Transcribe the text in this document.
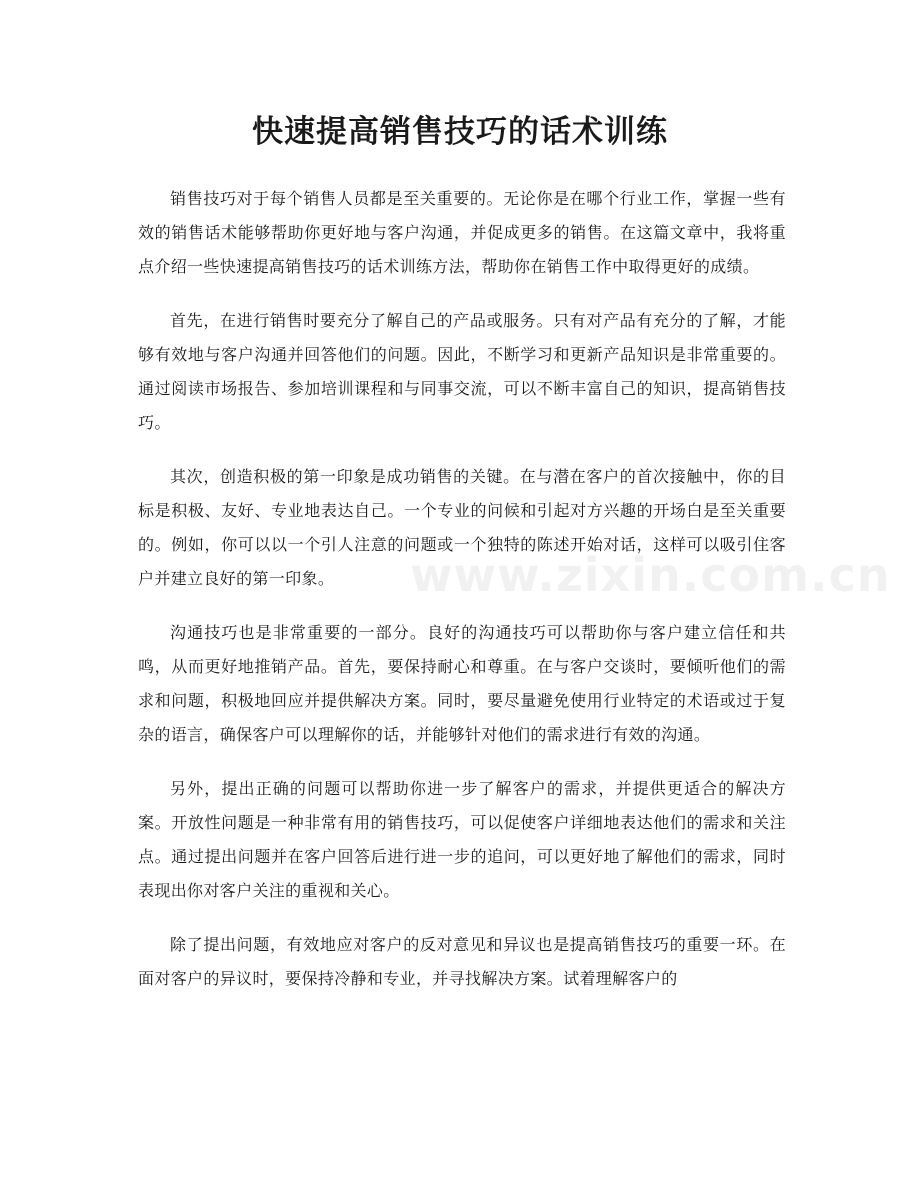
快速提高销售技巧的话术训练

销售技巧对于每个销售人员都是至关重要的。无论你是在哪个行业工作，掌握一些有效的销售话术能够帮助你更好地与客户沟通，并促成更多的销售。在这篇文章中，我将重点介绍一些快速提高销售技巧的话术训练方法，帮助你在销售工作中取得更好的成绩。

首先，在进行销售时要充分了解自己的产品或服务。只有对产品有充分的了解，才能够有效地与客户沟通并回答他们的问题。因此，不断学习和更新产品知识是非常重要的。通过阅读市场报告、参加培训课程和与同事交流，可以不断丰富自己的知识，提高销售技巧。

其次，创造积极的第一印象是成功销售的关键。在与潜在客户的首次接触中，你的目标是积极、友好、专业地表达自己。一个专业的问候和引起对方兴趣的开场白是至关重要的。例如，你可以以一个引人注意的问题或一个独特的陈述开始对话，这样可以吸引住客户并建立良好的第一印象。

沟通技巧也是非常重要的一部分。良好的沟通技巧可以帮助你与客户建立信任和共鸣，从而更好地推销产品。首先，要保持耐心和尊重。在与客户交谈时，要倾听他们的需求和问题，积极地回应并提供解决方案。同时，要尽量避免使用行业特定的术语或过于复杂的语言，确保客户可以理解你的话，并能够针对他们的需求进行有效的沟通。

另外，提出正确的问题可以帮助你进一步了解客户的需求，并提供更适合的解决方案。开放性问题是一种非常有用的销售技巧，可以促使客户详细地表达他们的需求和关注点。通过提出问题并在客户回答后进行进一步的追问，可以更好地了解他们的需求，同时表现出你对客户关注的重视和关心。

除了提出问题，有效地应对客户的反对意见和异议也是提高销售技巧的重要一环。在面对客户的异议时，要保持冷静和专业，并寻找解决方案。试着理解客户的

www.zixin.com.cn
